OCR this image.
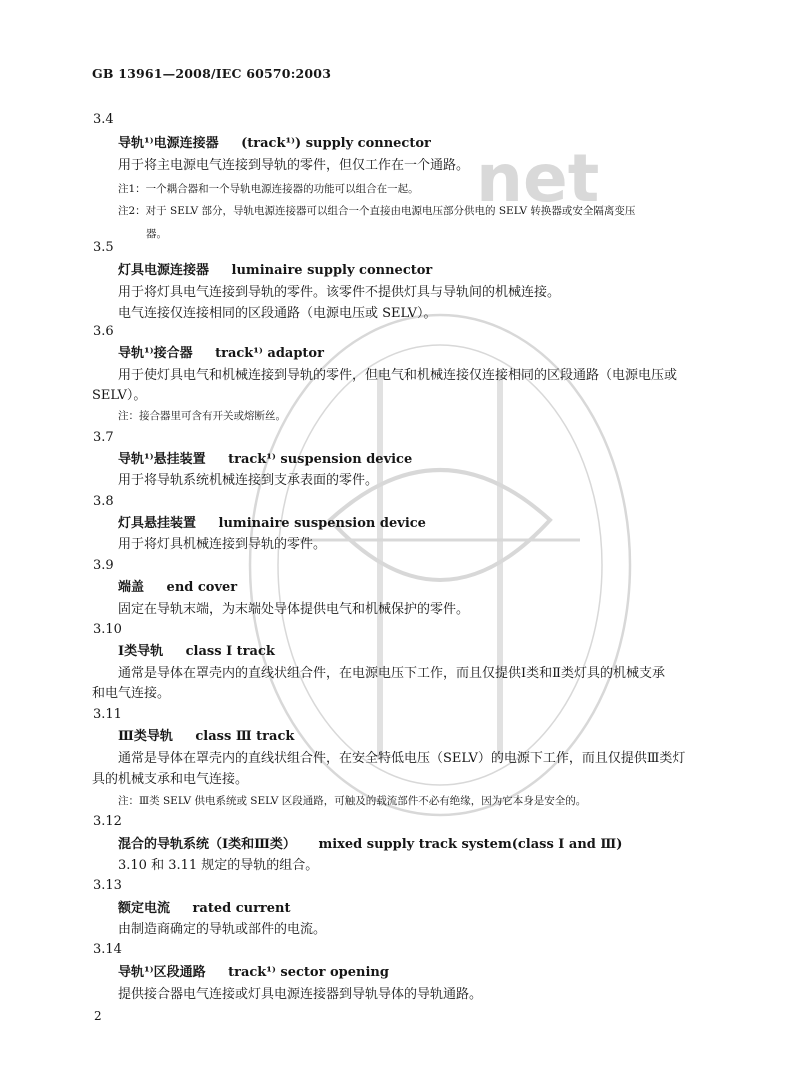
net
GB 13961—2008/IEC 60570:2003
3.4
导轨¹⁾电源连接器 (track¹⁾) supply connector
用于将主电源电气连接到导轨的零件，但仅工作在一个通路。
注1：一个耦合器和一个导轨电源连接器的功能可以组合在一起。
注2：对于 SELV 部分，导轨电源连接器可以组合一个直接由电源电压部分供电的 SELV 转换器或安全隔离变压
器。
3.5
灯具电源连接器 luminaire supply connector
用于将灯具电气连接到导轨的零件。该零件不提供灯具与导轨间的机械连接。
电气连接仅连接相同的区段通路（电源电压或 SELV）。
3.6
导轨¹⁾接合器 track¹⁾ adaptor
用于使灯具电气和机械连接到导轨的零件，但电气和机械连接仅连接相同的区段通路（电源电压或
SELV）。
注：接合器里可含有开关或熔断丝。
3.7
导轨¹⁾悬挂装置 track¹⁾ suspension device
用于将导轨系统机械连接到支承表面的零件。
3.8
灯具悬挂装置 luminaire suspension device
用于将灯具机械连接到导轨的零件。
3.9
端盖 end cover
固定在导轨末端，为末端处导体提供电气和机械保护的零件。
3.10
Ⅰ类导轨 class Ⅰ track
通常是导体在罩壳内的直线状组合件，在电源电压下工作，而且仅提供Ⅰ类和Ⅱ类灯具的机械支承
和电气连接。
3.11
Ⅲ类导轨 class Ⅲ track
通常是导体在罩壳内的直线状组合件，在安全特低电压（SELV）的电源下工作，而且仅提供Ⅲ类灯
具的机械支承和电气连接。
注：Ⅲ类 SELV 供电系统或 SELV 区段通路，可触及的载流部件不必有绝缘，因为它本身是安全的。
3.12
混合的导轨系统（Ⅰ类和Ⅲ类） mixed supply track system(class Ⅰ and Ⅲ)
3.10 和 3.11 规定的导轨的组合。
3.13
额定电流 rated current
由制造商确定的导轨或部件的电流。
3.14
导轨¹⁾区段通路 track¹⁾ sector opening
提供接合器电气连接或灯具电源连接器到导轨导体的导轨通路。
2
